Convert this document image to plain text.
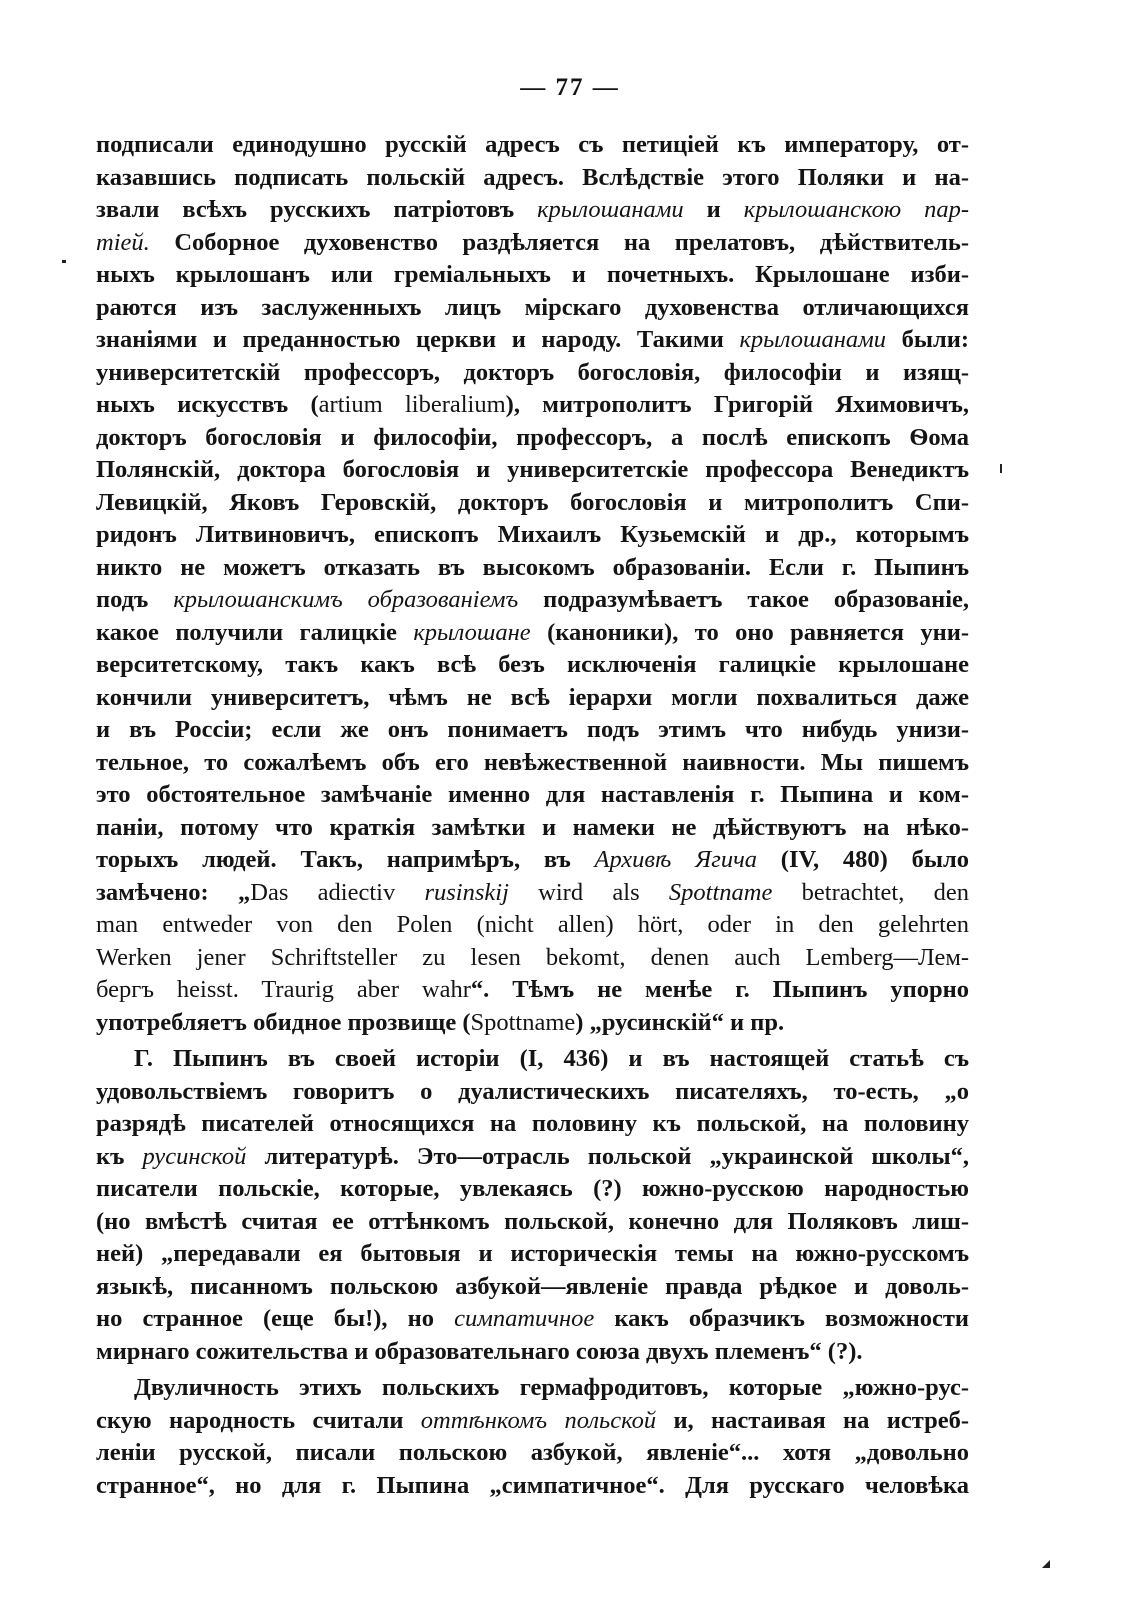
— 77 —
подписали единодушно русскій адресъ съ петиціей къ императору, от-
казавшись подписать польскій адресъ. Вслѣдствіе этого Поляки и на-
звали всѣхъ русскихъ патріотовъ крылошанами и крылошанскою пар-
тіей. Соборное духовенство раздѣляется на прелатовъ, дѣйствитель-
ныхъ крылошанъ или греміальныхъ и почетныхъ. Крылошане изби-
раются изъ заслуженныхъ лицъ мірскаго духовенства отличающихся
знаніями и преданностью церкви и народу. Такими крылошанами были:
университетскій профессоръ, докторъ богословія, философіи и изящ-
ныхъ искусствъ (artium liberalium), митрополитъ Григорій Яхимовичъ,
докторъ богословія и философіи, профессоръ, а послѣ епископъ Ѳома
Полянскій, доктора богословія и университетскіе профессора Венедиктъ
Левицкій, Яковъ Геровскій, докторъ богословія и митрополитъ Спи-
ридонъ Литвиновичъ, епископъ Михаилъ Кузьемскій и др., которымъ
никто не можетъ отказать въ высокомъ образованіи. Если г. Пыпинъ
подъ крылошанскимъ образованіемъ подразумѣваетъ такое образованіе,
какое получили галицкіе крылошане (каноники), то оно равняется уни-
верситетскому, такъ какъ всѣ безъ исключенія галицкіе крылошане
кончили университетъ, чѣмъ не всѣ іерархи могли похвалиться даже
и въ Россіи; если же онъ понимаетъ подъ этимъ что нибудь унизи-
тельное, то сожалѣемъ объ его невѣжественной наивности. Мы пишемъ
это обстоятельное замѣчаніе именно для наставленія г. Пыпина и ком-
паніи, потому что краткія замѣтки и намеки не дѣйствуютъ на нѣко-
торыхъ людей. Такъ, напримѣръ, въ Архивѣ Ягича (IV, 480) было
замѣчено: „Das adiectiv rusinskij wird als Spottname betrachtet, den
man entweder von den Polen (nicht allen) hört, oder in den gelehrten
Werken jener Schriftsteller zu lesen bekomt, denen auch Lemberg—Лем-
бергъ heisst. Traurig aber wahr“. Тѣмъ не менѣе г. Пыпинъ упорно
употребляетъ обидное прозвище (Spottname) „русинскій“ и пр.
Г. Пыпинъ въ своей исторіи (I, 436) и въ настоящей статьѣ съ
удовольствіемъ говоритъ о дуалистическихъ писателяхъ, то-есть, „о
разрядѣ писателей относящихся на половину къ польской, на половину
къ русинской литературѣ. Это—отрасль польской „украинской школы“,
писатели польскіе, которые, увлекаясь (?) южно-русскою народностью
(но вмѣстѣ считая ее оттѣнкомъ польской, конечно для Поляковъ лиш-
ней) „передавали ея бытовыя и историческія темы на южно-русскомъ
языкѣ, писанномъ польскою азбукой—явленіе правда рѣдкое и доволь-
но странное (еще бы!), но симпатичное какъ образчикъ возможности
мирнаго сожительства и образовательнаго союза двухъ племенъ“ (?).
Двуличность этихъ польскихъ гермафродитовъ, которые „южно-рус-
скую народность считали оттѣнкомъ польской и, настаивая на истреб-
леніи русской, писали польскою азбукой, явленіе“... хотя „довольно
странное“, но для г. Пыпина „симпатичное“. Для русскаго человѣка
